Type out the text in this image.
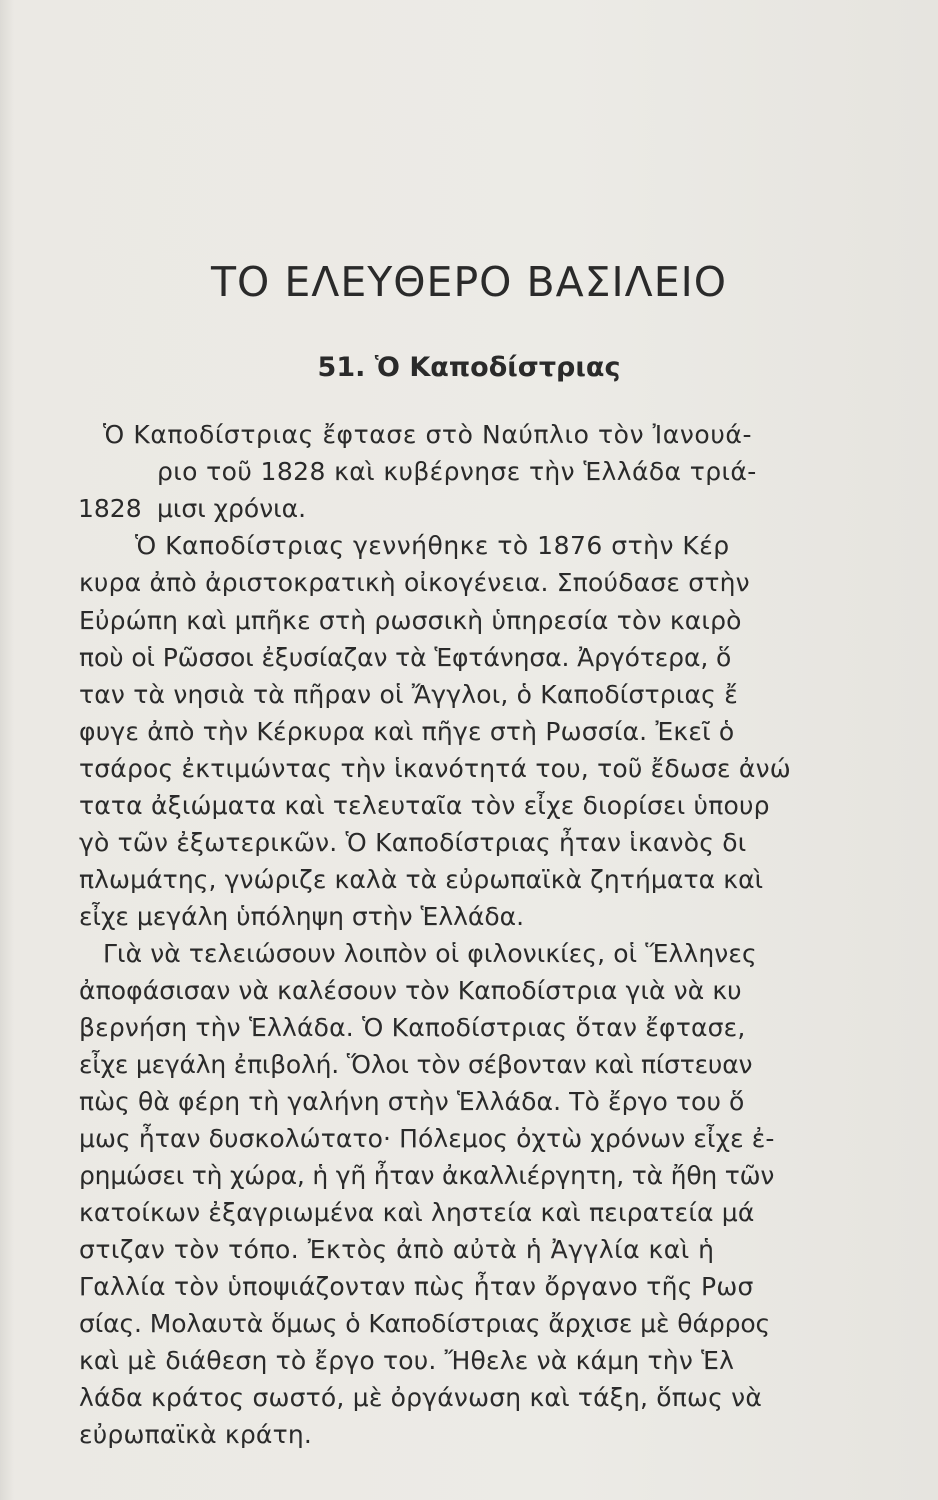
ΤΟ ΕΛΕΥΘΕΡΟ ΒΑΣΙΛΕΙΟ
51. Ὁ Καποδίστριας
1828
Ὁ Καποδίστριας ἔφτασε στὸ Ναύπλιο τὸν Ἰανουά-
ριο τοῦ 1828 καὶ κυβέρνησε τὴν Ἑλλάδα τριά-
μισι χρόνια.
Ὁ Καποδίστριας γεννήθηκε τὸ 1876 στὴν Κέρ
κυρα ἀπὸ ἀριστοκρατικὴ οἰκογένεια. Σπούδασε στὴν
Εὐρώπη καὶ μπῆκε στὴ ρωσσικὴ ὑπηρεσία τὸν καιρὸ
ποὺ οἱ Ρῶσσοι ἐξυσίαζαν τὰ Ἑφτάνησα. Ἀργότερα, ὅ
ταν τὰ νησιὰ τὰ πῆραν οἱ Ἄγγλοι, ὁ Καποδίστριας ἔ
φυγε ἀπὸ τὴν Κέρκυρα καὶ πῆγε στὴ Ρωσσία. Ἐκεῖ ὁ
τσάρος ἐκτιμώντας τὴν ἱκανότητά του, τοῦ ἔδωσε ἀνώ
τατα ἀξιώματα καὶ τελευταῖα τὸν εἶχε διορίσει ὑπουρ
γὸ τῶν ἐξωτερικῶν. Ὁ Καποδίστριας ἦταν ἱκανὸς δι
πλωμάτης, γνώριζε καλὰ τὰ εὐρωπαϊκὰ ζητήματα καὶ
εἶχε μεγάλη ὑπόληψη στὴν Ἑλλάδα.
Γιὰ νὰ τελειώσουν λοιπὸν οἱ φιλονικίες, οἱ Ἕλληνες
ἀποφάσισαν νὰ καλέσουν τὸν Καποδίστρια γιὰ νὰ κυ
βερνήση τὴν Ἑλλάδα. Ὁ Καποδίστριας ὅταν ἔφτασε,
εἶχε μεγάλη ἐπιβολή. Ὅλοι τὸν σέβονταν καὶ πίστευαν
πὼς θὰ φέρη τὴ γαλήνη στὴν Ἑλλάδα. Τὸ ἔργο του ὅ
μως ἦταν δυσκολώτατο· Πόλεμος ὀχτὼ χρόνων εἶχε ἐ-
ρημώσει τὴ χώρα, ἡ γῆ ἦταν ἀκαλλιέργητη, τὰ ἤθη τῶν
κατοίκων ἐξαγριωμένα καὶ ληστεία καὶ πειρατεία μά
στιζαν τὸν τόπο. Ἐκτὸς ἀπὸ αὐτὰ ἡ Ἀγγλία καὶ ἡ
Γαλλία τὸν ὑποψιάζονταν πὼς ἦταν ὄργανο τῆς Ρωσ
σίας. Μολαυτὰ ὅμως ὁ Καποδίστριας ἄρχισε μὲ θάρρος
καὶ μὲ διάθεση τὸ ἔργο του. Ἤθελε νὰ κάμη τὴν Ἑλ
λάδα κράτος σωστό, μὲ ὀργάνωση καὶ τάξη, ὅπως νὰ
εὐρωπαϊκὰ κράτη.
